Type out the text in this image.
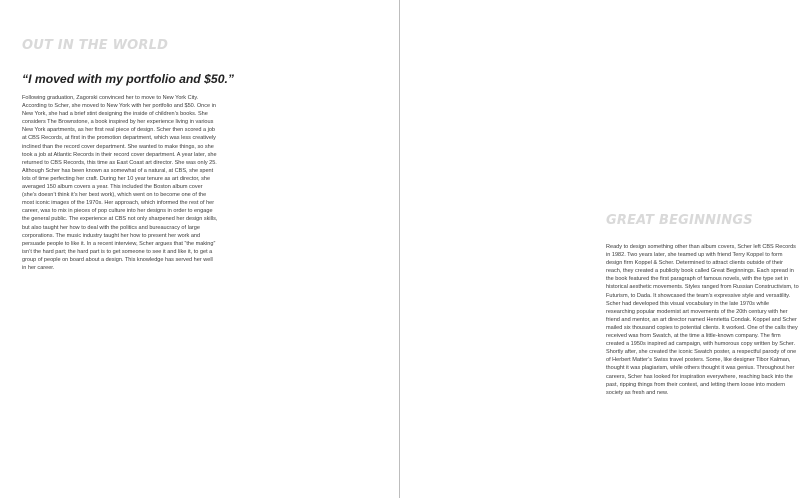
OUT IN THE WORLD

“I moved with my portfolio and $50.”

Following graduation, Zagorski convinced her to move to New York City. According to Scher, she moved to New York with her portfolio and $50. Once in New York, she had a brief stint designing the inside of children’s books. She considers The Brownstone, a book inspired by her experience living in various New York apartments, as her first real piece of design. Scher then scored a job at CBS Records, at first in the promotion department, which was less creatively inclined than the record cover department. She wanted to make things, so she took a job at Atlantic Records in their record cover department. A year later, she returned to CBS Records, this time as East Coast art director. She was only 25. Although Scher has been known as somewhat of a natural, at CBS, she spent lots of time perfecting her craft. During her 10 year tenure as art director, she averaged 150 album covers a year. This included the Boston album cover (she’s doesn’t think it’s her best work), which went on to become one of the most iconic images of the 1970s. Her approach, which informed the rest of her career, was to mix in pieces of pop culture into her designs in order to engage the general public. The experience at CBS not only sharpened her design skills, but also taught her how to deal with the politics and bureaucracy of large corporations. The music industry taught her how to present her work and persuade people to like it. In a recent interview, Scher argues that “the making” isn’t the hard part; the hard part is to get someone to see it and like it, to get a group of people on board about a design. This knowledge has served her well in her career.

GREAT BEGINNINGS

Ready to design something other than album covers, Scher left CBS Records in 1982. Two years later, she teamed up with friend Terry Koppel to form design firm Koppel & Scher. Determined to attract clients outside of their reach, they created a publicity book called Great Beginnings. Each spread in the book featured the first paragraph of famous novels, with the type set in historical aesthetic movements. Styles ranged from Russian Constructivism, to Futurism, to Dada. It showcased the team’s expressive style and versatility. Scher had developed this visual vocabulary in the late 1970s while researching popular modernist art movements of the 20th century with her friend and mentor, an art director named Henrietta Condak. Koppel and Scher mailed six thousand copies to potential clients. It worked. One of the calls they received was from Swatch, at the time a little-known company. The firm created a 1950s inspired ad campaign, with humorous copy written by Scher. Shortly after, she created the iconic Swatch poster, a respectful parody of one of Herbert Matter’s Swiss travel posters. Some, like designer Tibor Kalman, thought it was plagiarism, while others thought it was genius. Throughout her careers, Scher has looked for inspiration everywhere, reaching back into the past, ripping things from their context, and letting them loose into modern society as fresh and new.
